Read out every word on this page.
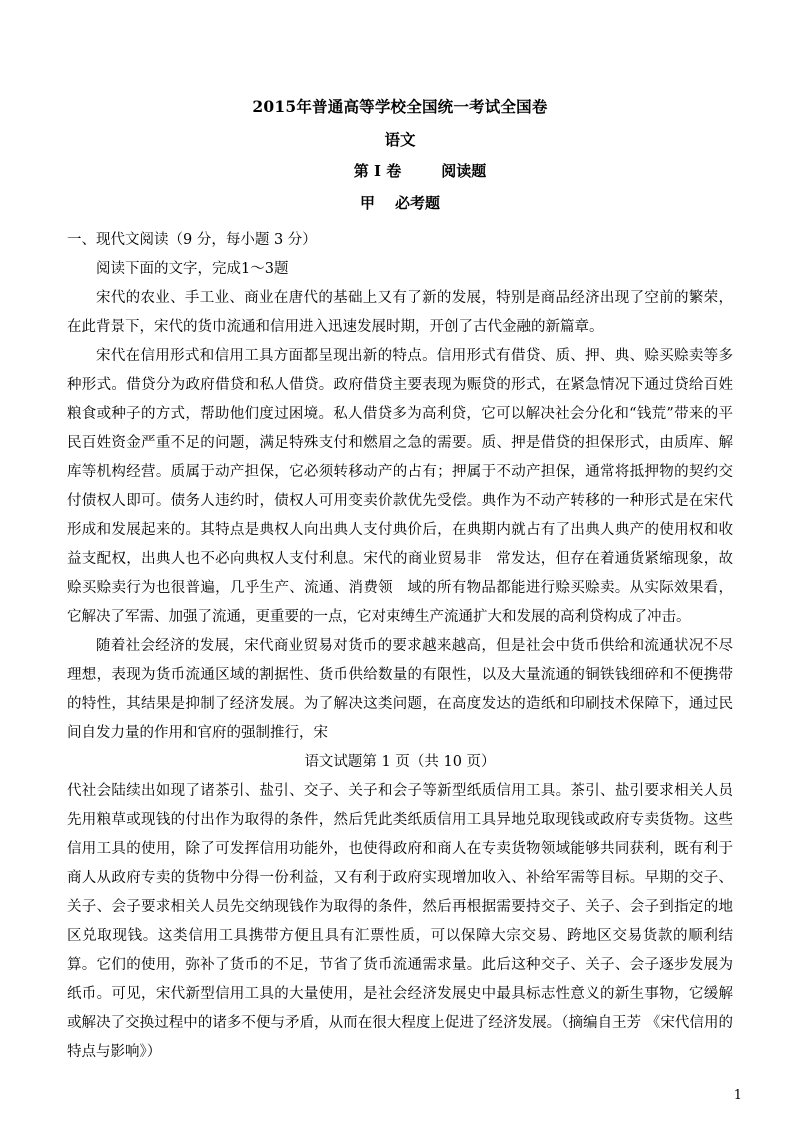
2015年普通高等学校全国统一考试全国卷
语文
第 I 卷	阅读题
甲 必考题
一、现代文阅读（9 分，每小题 3 分）
阅读下面的文字，完成1～3题

宋代的农业、手工业、商业在唐代的基础上又有了新的发展，特别是商品经济出现了空前的繁荣，在此背景下，宋代的货巾流通和信用进入迅速发展时期，开创了古代金融的新篇章。

宋代在信用形式和信用工具方面都呈现出新的特点。信用形式有借贷、质、押、典、赊买赊卖等多种形式。借贷分为政府借贷和私人借贷。政府借贷主要表现为赈贷的形式，在紧急情况下通过贷给百姓粮食或种子的方式，帮助他们度过困境。私人借贷多为高利贷，它可以解决社会分化和“钱荒”带来的平民百姓资金严重不足的问题，满足特殊支付和燃眉之急的需要。质、押是借贷的担保形式，由质库、解库等机构经营。质属于动产担保，它必须转移动产的占有；押属于不动产担保，通常将抵押物的契约交付债权人即可。债务人违约时，债权人可用变卖价款优先受偿。典作为不动产转移的一种形式是在宋代形成和发展起来的。其特点是典权人向出典人支付典价后，在典期内就占有了出典人典产的使用权和收益支配权，出典人也不必向典权人支付利息。宋代的商业贸易非 常发达，但存在着通货紧缩现象，故赊买赊卖行为也很普遍，几乎生产、流通、消费领 域的所有物品都能进行赊买赊卖。从实际效果看，它解决了军需、加强了流通，更重要的一点，它对束缚生产流通扩大和发展的高利贷构成了冲击。

随着社会经济的发展，宋代商业贸易对货币的要求越来越高，但是社会中货币供给和流通状况不尽理想，表现为货币流通区域的割据性、货币供给数量的有限性，以及大量流通的铜铁钱细碎和不便携带的特性，其结果是抑制了经济发展。为了解决这类问题，在高度发达的造纸和印刷技术保障下，通过民间自发力量的作用和官府的强制推行，宋

语文试题第 1 页（共 10 页）

代社会陆续出如现了诸茶引、盐引、交子、关子和会子等新型纸质信用工具。茶引、盐引要求相关人员先用粮草或现钱的付出作为取得的条件，然后凭此类纸质信用工具异地兑取现钱或政府专卖货物。这些信用工具的使用，除了可发挥信用功能外，也使得政府和商人在专卖货物领域能够共同获利，既有利于商人从政府专卖的货物中分得一份利益，又有利于政府实现增加收入、补给军需等目标。早期的交子、关子、会子要求相关人员先交纳现钱作为取得的条件，然后再根据需要持交子、关子、会子到指定的地区兑取现钱。这类信用工具携带方便且具有汇票性质，可以保障大宗交易、跨地区交易货款的顺利结算。它们的使用，弥补了货币的不足，节省了货币流通需求量。此后这种交子、关子、会子逐步发展为纸币。可见，宋代新型信用工具的大量使用，是社会经济发展史中最具标志性意义的新生事物，它缓解或解决了交换过程中的诸多不便与矛盾，从而在很大程度上促进了经济发展。（摘编自王芳 《宋代信用的特点与影响》）

1
